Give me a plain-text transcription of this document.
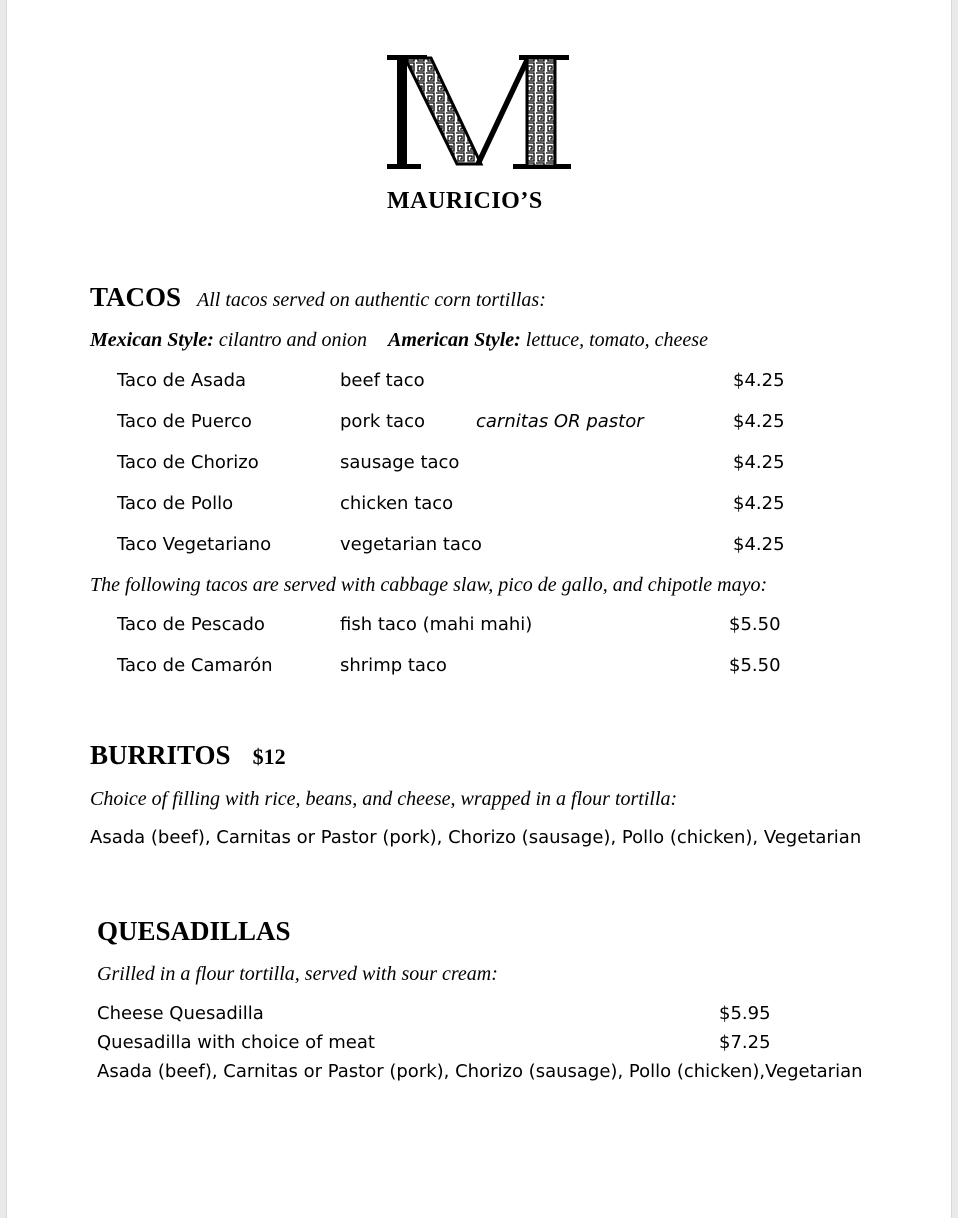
MAURICIO’S
TACOS All tacos served on authentic corn tortillas:
Mexican Style: cilantro and onion American Style: lettuce, tomato, cheese
Taco de Asada	beef taco	$4.25
Taco de Puerco	pork taco	carnitas OR pastor	$4.25
Taco de Chorizo	sausage taco	$4.25
Taco de Pollo	chicken taco	$4.25
Taco Vegetariano	vegetarian taco	$4.25
The following tacos are served with cabbage slaw, pico de gallo, and chipotle mayo:
Taco de Pescado	fish taco (mahi mahi)	$5.50
Taco de Camarón	shrimp taco	$5.50
BURRITOS $12
Choice of filling with rice, beans, and cheese, wrapped in a flour tortilla:
Asada (beef), Carnitas or Pastor (pork), Chorizo (sausage), Pollo (chicken), Vegetarian
QUESADILLAS
Grilled in a flour tortilla, served with sour cream:
Cheese Quesadilla	$5.95
Quesadilla with choice of meat	$7.25
Asada (beef), Carnitas or Pastor (pork), Chorizo (sausage), Pollo (chicken),Vegetarian
